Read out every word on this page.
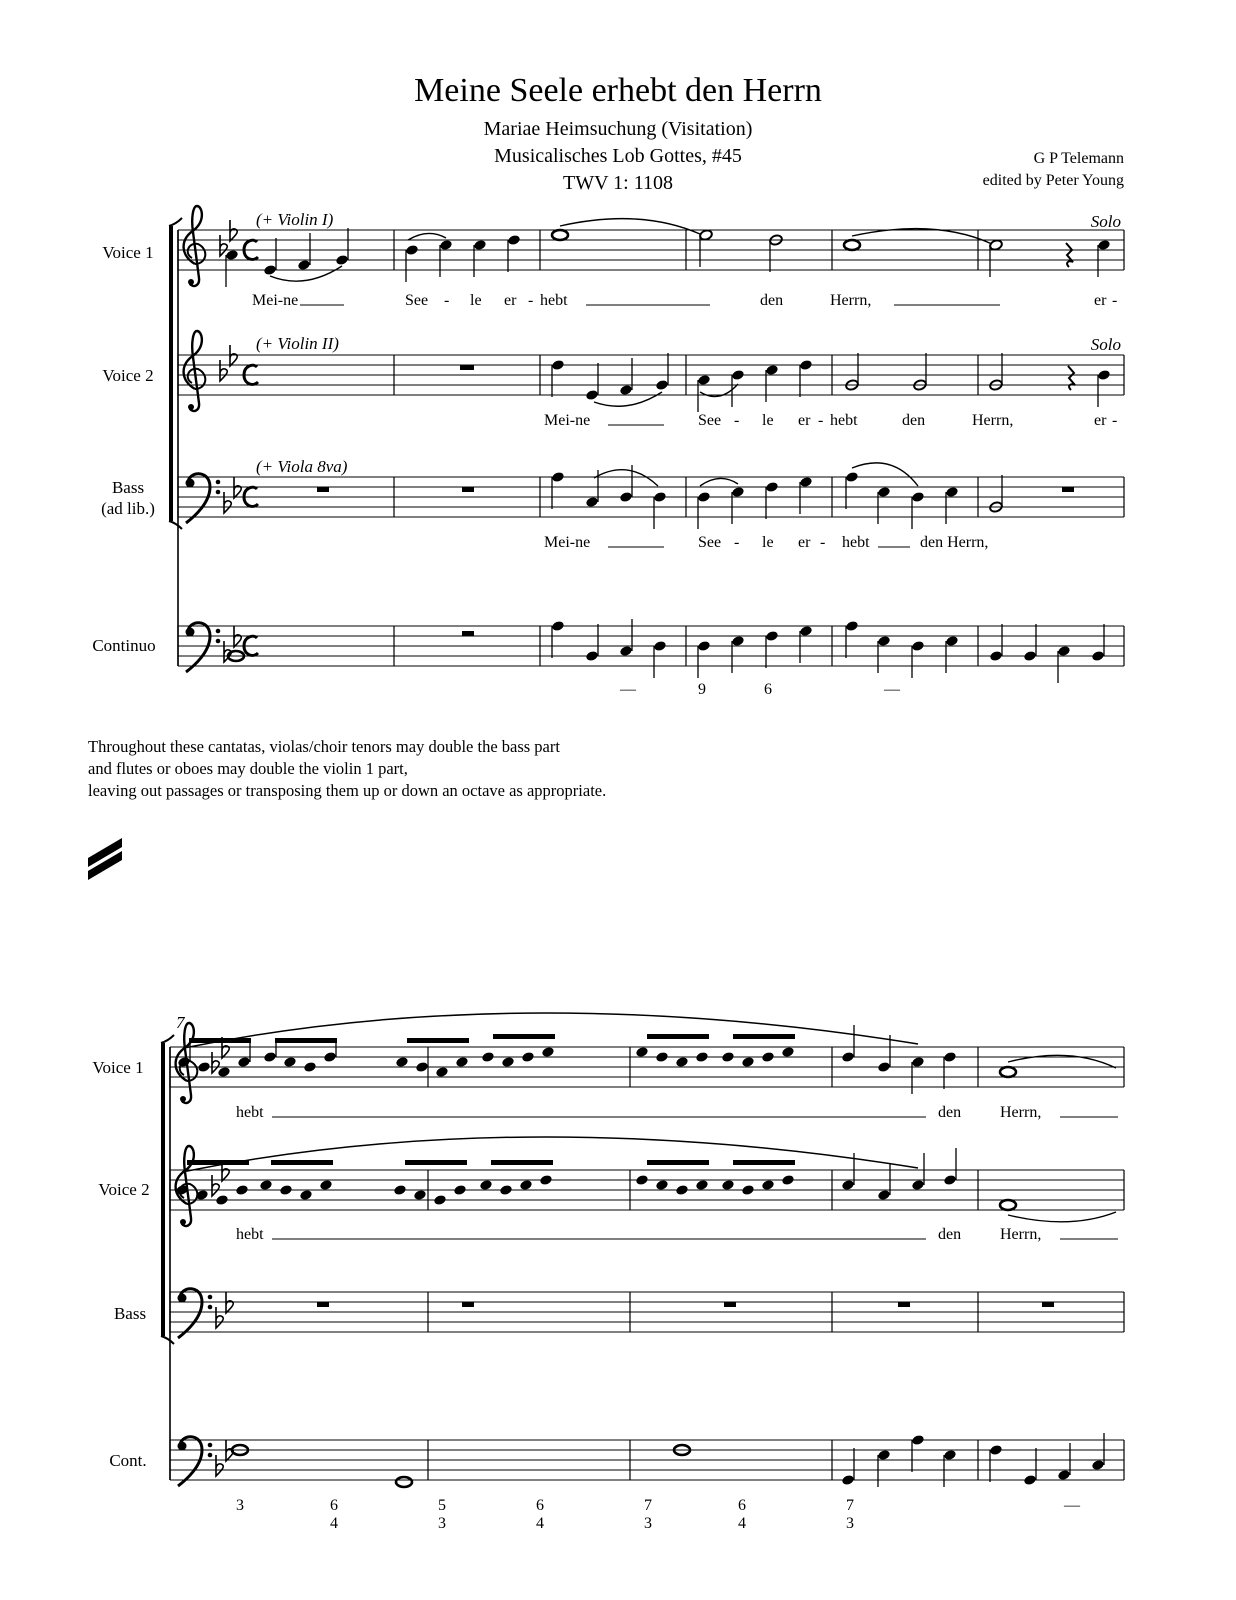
Meine Seele erhebt den Herrn
Mariae Heimsuchung (Visitation)
Musicalisches Lob Gottes, #45
TWV 1: 1108
G P Telemann
edited by Peter Young
Throughout these cantatas, violas/choir tenors may double the bass part
and flutes or oboes may double the violin 1 part,
leaving out passages or transposing them up or down an octave as appropriate.
Voice 1
Voice 2
Bass
(ad lib.)
Continuo
(+ Violin I)
(+ Violin II)
(+ Viola 8va)
Solo
Solo
Mei-ne	See - le er - hebt	den	Herrn,	er -
Mei-ne	See - le er - hebt	den	Herrn,	er -
Mei-ne	See - le er - hebt	den Herrn,
—	9	6	—
7
Voice 1
Voice 2
Bass
Cont.
hebt	den Herrn,
hebt	den Herrn,
3	6
4
5
3
6
4
7
3
6
4
7
3
—
